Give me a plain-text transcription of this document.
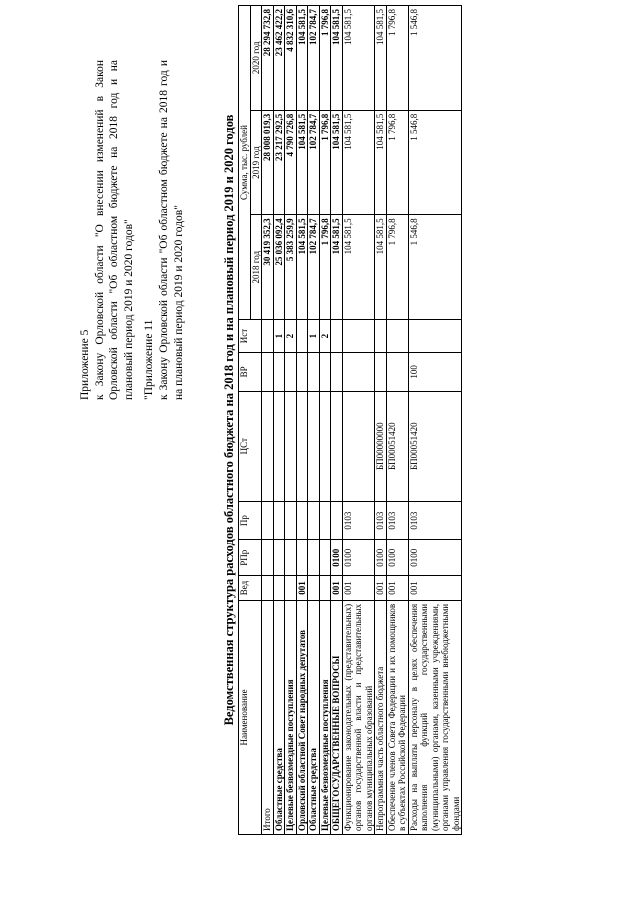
Приложение 5 к Закону Орловской области "О внесении изменений в Закон Орловской области "Об областном бюджете на 2018 год и на плановый период 2019 и 2020 годов" "Приложение 11 к Закону Орловской области "Об областном бюджете на 2018 год и на плановый период 2019 и 2020 годов"	Ведомственная структура расходов областного бюджета на 2018 год и на плановый период 2019 и 2020 годов Наименование	Вед	РПр	Пр	ЦСт	ВР	Ист	Сумма, тыс. рублей		
							2018 год	2019 год	2020 год
Итого							30 419 352,3	28 008 019,3	28 294 732,8
Областные средства						1	25 036 092,4	23 217 292,5	23 462 422,2
Целевые безвозмездные поступления						2	5 383 259,9	4 790 726,8	4 832 310,6
Орловский областной Совет народных депутатов	001						104 581,5	104 581,5	104 581,5
Областные средства						1	102 784,7	102 784,7	102 784,7
Целевые безвозмездные поступления						2	1 796,8	1 796,8	1 796,8
ОБЩЕГОСУДАРСТВЕННЫЕ ВОПРОСЫ	001	0100					104 581,5	104 581,5	104 581,5
Функционирование законодательных (представительных) органов государственной власти и представительных органов муниципальных образований	001	0100	0103				104 581,5	104 581,5	104 581,5
Непрограммная часть областного бюджета	001	0100	0103	БП00000000			104 581,5	104 581,5	104 581,5
Обеспечение членов Совета Федерации и их помощников в субъектах Российской Федерации	001	0100	0103	БП00051420			1 796,8	1 796,8	1 796,8
Расходы на выплаты персоналу в целях обеспечения выполнения функций государственными (муниципальными) органами, казенными учреждениями, органами управления государственными внебюджетными фондами	001	0100	0103	БП00051420	100		1 546,8	1 546,8	1 546,8
